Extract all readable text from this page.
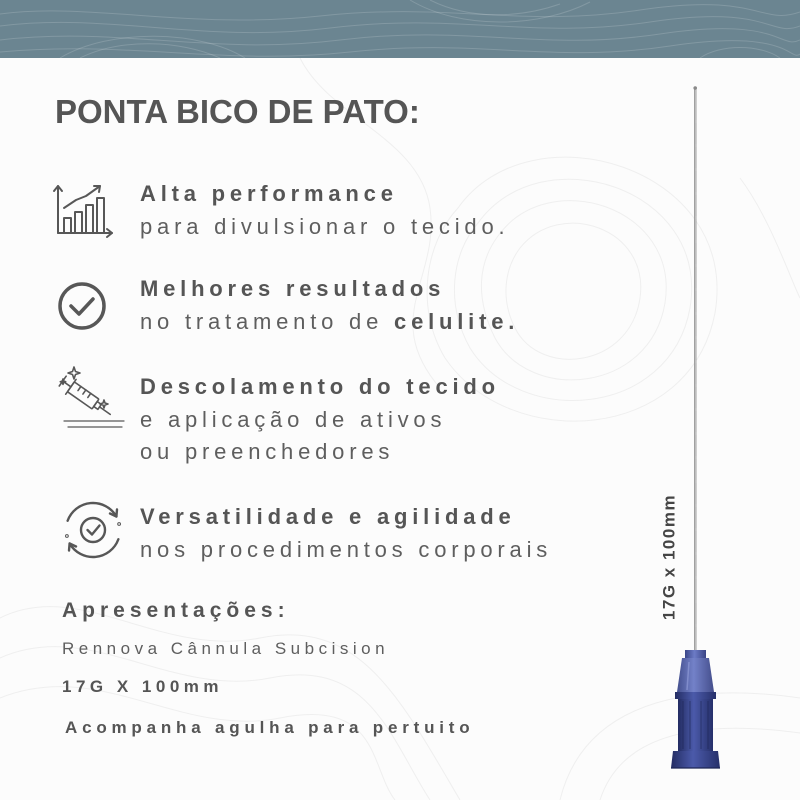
PONTA BICO DE PATO:
Alta performance
para divulsionar o tecido.
Melhores resultados
no tratamento de celulite.
Descolamento do tecido
e aplicação de ativos
ou preenchedores
Versatilidade e agilidade
nos procedimentos corporais
Apresentações:
Rennova Cânnula Subcision
17G X 100mm
Acompanha agulha para pertuito
17G x 100mm
